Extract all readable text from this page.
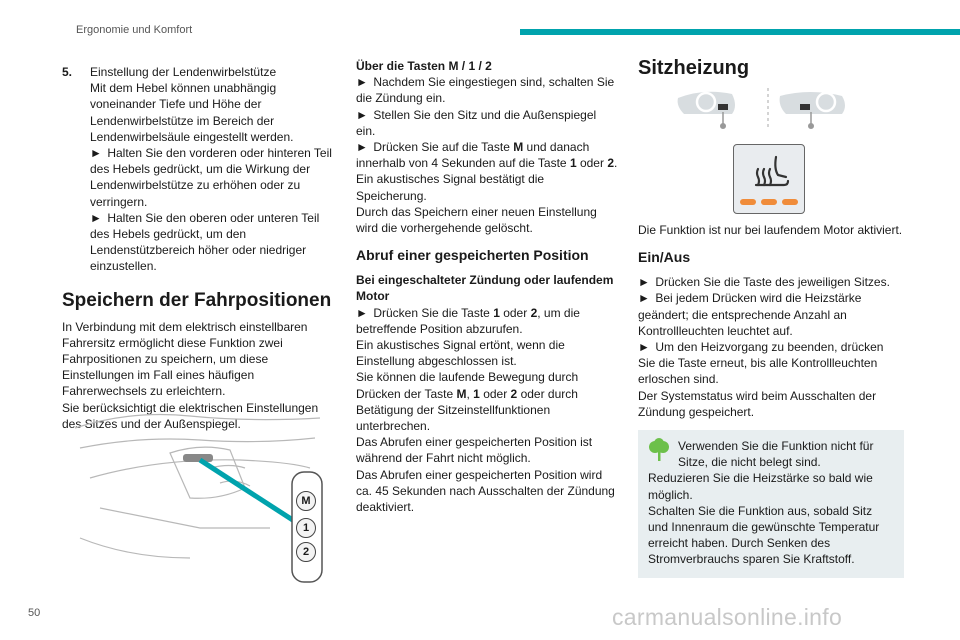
Ergonomie und Komfort
5.	Einstellung der Lendenwirbelstütze

Mit dem Hebel können unabhängig voneinander Tiefe und Höhe der Lendenwirbelstütze im Bereich der Lendenwirbelsäule eingestellt werden.

► Halten Sie den vorderen oder hinteren Teil des Hebels gedrückt, um die Wirkung der Lendenwirbelstütze zu erhöhen oder zu verringern.

► Halten Sie den oberen oder unteren Teil des Hebels gedrückt, um den Lendenstützbereich höher oder niedriger einzustellen.

Speichern der Fahrpositionen

In Verbindung mit dem elektrisch einstellbaren Fahrersitz ermöglicht diese Funktion zwei Fahrpositionen zu speichern, um diese Einstellungen im Fall eines häufigen Fahrerwechsels zu erleichtern.

Sie berücksichtigt die elektrischen Einstellungen des Sitzes und der Außenspiegel.

M
1
2

Über die Tasten M / 1 / 2

► Nachdem Sie eingestiegen sind, schalten Sie die Zündung ein.

► Stellen Sie den Sitz und die Außenspiegel ein.

► Drücken Sie auf die Taste M und danach innerhalb von 4 Sekunden auf die Taste 1 oder 2.

Ein akustisches Signal bestätigt die Speicherung.

Durch das Speichern einer neuen Einstellung wird die vorhergehende gelöscht.

Abruf einer gespeicherten Position

Bei eingeschalteter Zündung oder laufendem Motor

► Drücken Sie die Taste 1 oder 2, um die betreffende Position abzurufen.

Ein akustisches Signal ertönt, wenn die Einstellung abgeschlossen ist.

Sie können die laufende Bewegung durch Drücken der Taste M, 1 oder 2 oder durch Betätigung der Sitzeinstellfunktionen unterbrechen.

Das Abrufen einer gespeicherten Position ist während der Fahrt nicht möglich.

Das Abrufen einer gespeicherten Position wird ca. 45 Sekunden nach Ausschalten der Zündung deaktiviert.

Sitzheizung

Die Funktion ist nur bei laufendem Motor aktiviert.

Ein/Aus

► Drücken Sie die Taste des jeweiligen Sitzes.

► Bei jedem Drücken wird die Heizstärke geändert; die entsprechende Anzahl an Kontrollleuchten leuchtet auf.

► Um den Heizvorgang zu beenden, drücken Sie die Taste erneut, bis alle Kontrollleuchten erloschen sind.

Der Systemstatus wird beim Ausschalten der Zündung gespeichert.

Verwenden Sie die Funktion nicht für Sitze, die nicht belegt sind.

Reduzieren Sie die Heizstärke so bald wie möglich.

Schalten Sie die Funktion aus, sobald Sitz und Innenraum die gewünschte Temperatur erreicht haben. Durch Senken des Stromverbrauchs sparen Sie Kraftstoff.

50	carmanualsonline.info
